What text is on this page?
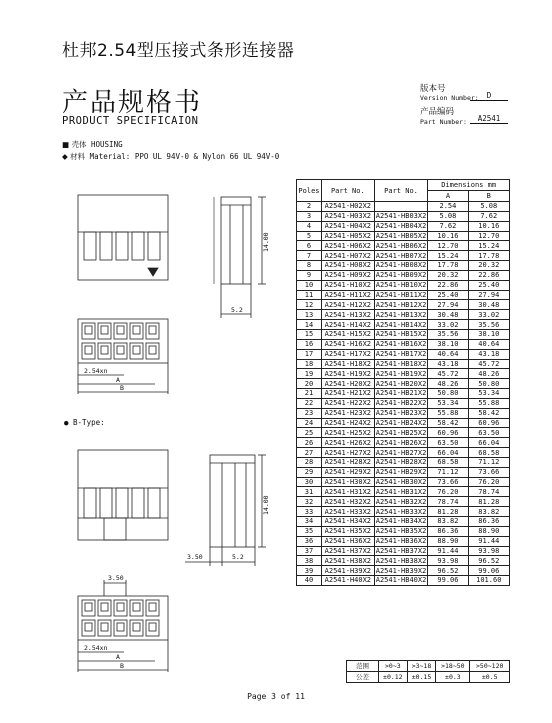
杜邦2.54型压接式条形连接器
产品规格书
PRODUCT SPECIFICAION
版本号
Version Number:	D
产品编码
Part Number:	A2541
■ 壳体 HOUSING
◆ 材料 Material: PPO UL 94V-0 & Nylon 66 UL 94V-0
● B-Type:
14.00
5.2
2.54xn
A
B
14.00
3.50	5.2
3.50
2.54xn
A
B
Poles	Part No.	Part No.	Dimensions mm	
			A	B
2	A2541-H02X2		2.54	5.08
3	A2541-H03X2	A2541-HB03X2	5.08	7.62
4	A2541-H04X2	A2541-HB04X2	7.62	10.16
5	A2541-H05X2	A2541-HB05X2	10.16	12.70
6	A2541-H06X2	A2541-HB06X2	12.70	15.24
7	A2541-H07X2	A2541-HB07X2	15.24	17.78
8	A2541-H08X2	A2541-HB08X2	17.78	20.32
9	A2541-H09X2	A2541-HB09X2	20.32	22.86
10	A2541-H10X2	A2541-HB10X2	22.86	25.40
11	A2541-H11X2	A2541-HB11X2	25.40	27.94
12	A2541-H12X2	A2541-HB12X2	27.94	30.48
13	A2541-H13X2	A2541-HB13X2	30.48	33.02
14	A2541-H14X2	A2541-HB14X2	33.02	35.56
15	A2541-H15X2	A2541-HB15X2	35.56	38.10
16	A2541-H16X2	A2541-HB16X2	38.10	40.64
17	A2541-H17X2	A2541-HB17X2	40.64	43.18
18	A2541-H18X2	A2541-HB18X2	43.18	45.72
19	A2541-H19X2	A2541-HB19X2	45.72	48.26
20	A2541-H20X2	A2541-HB20X2	48.26	50.80
21	A2541-H21X2	A2541-HB21X2	50.80	53.34
22	A2541-H22X2	A2541-HB22X2	53.34	55.88
23	A2541-H23X2	A2541-HB23X2	55.88	58.42
24	A2541-H24X2	A2541-HB24X2	58.42	60.96
25	A2541-H25X2	A2541-HB25X2	60.96	63.50
26	A2541-H26X2	A2541-HB26X2	63.50	66.04
27	A2541-H27X2	A2541-HB27X2	66.04	68.58
28	A2541-H28X2	A2541-HB28X2	68.58	71.12
29	A2541-H29X2	A2541-HB29X2	71.12	73.66
30	A2541-H30X2	A2541-HB30X2	73.66	76.20
31	A2541-H31X2	A2541-HB31X2	76.20	78.74
32	A2541-H32X2	A2541-HB32X2	78.74	81.28
33	A2541-H33X2	A2541-HB33X2	81.28	83.82
34	A2541-H34X2	A2541-HB34X2	83.82	86.36
35	A2541-H35X2	A2541-HB35X2	86.36	88.90
36	A2541-H36X2	A2541-HB36X2	88.90	91.44
37	A2541-H37X2	A2541-HB37X2	91.44	93.98
38	A2541-H38X2	A2541-HB38X2	93.98	96.52
39	A2541-H39X2	A2541-HB39X2	96.52	99.06
40	A2541-H40X2	A2541-HB40X2	99.06	101.60
范围	>0~3	>3~18	>18~50	>50~120
公差	±0.12	±0.15	±0.3	±0.5
Page 3 of 11
